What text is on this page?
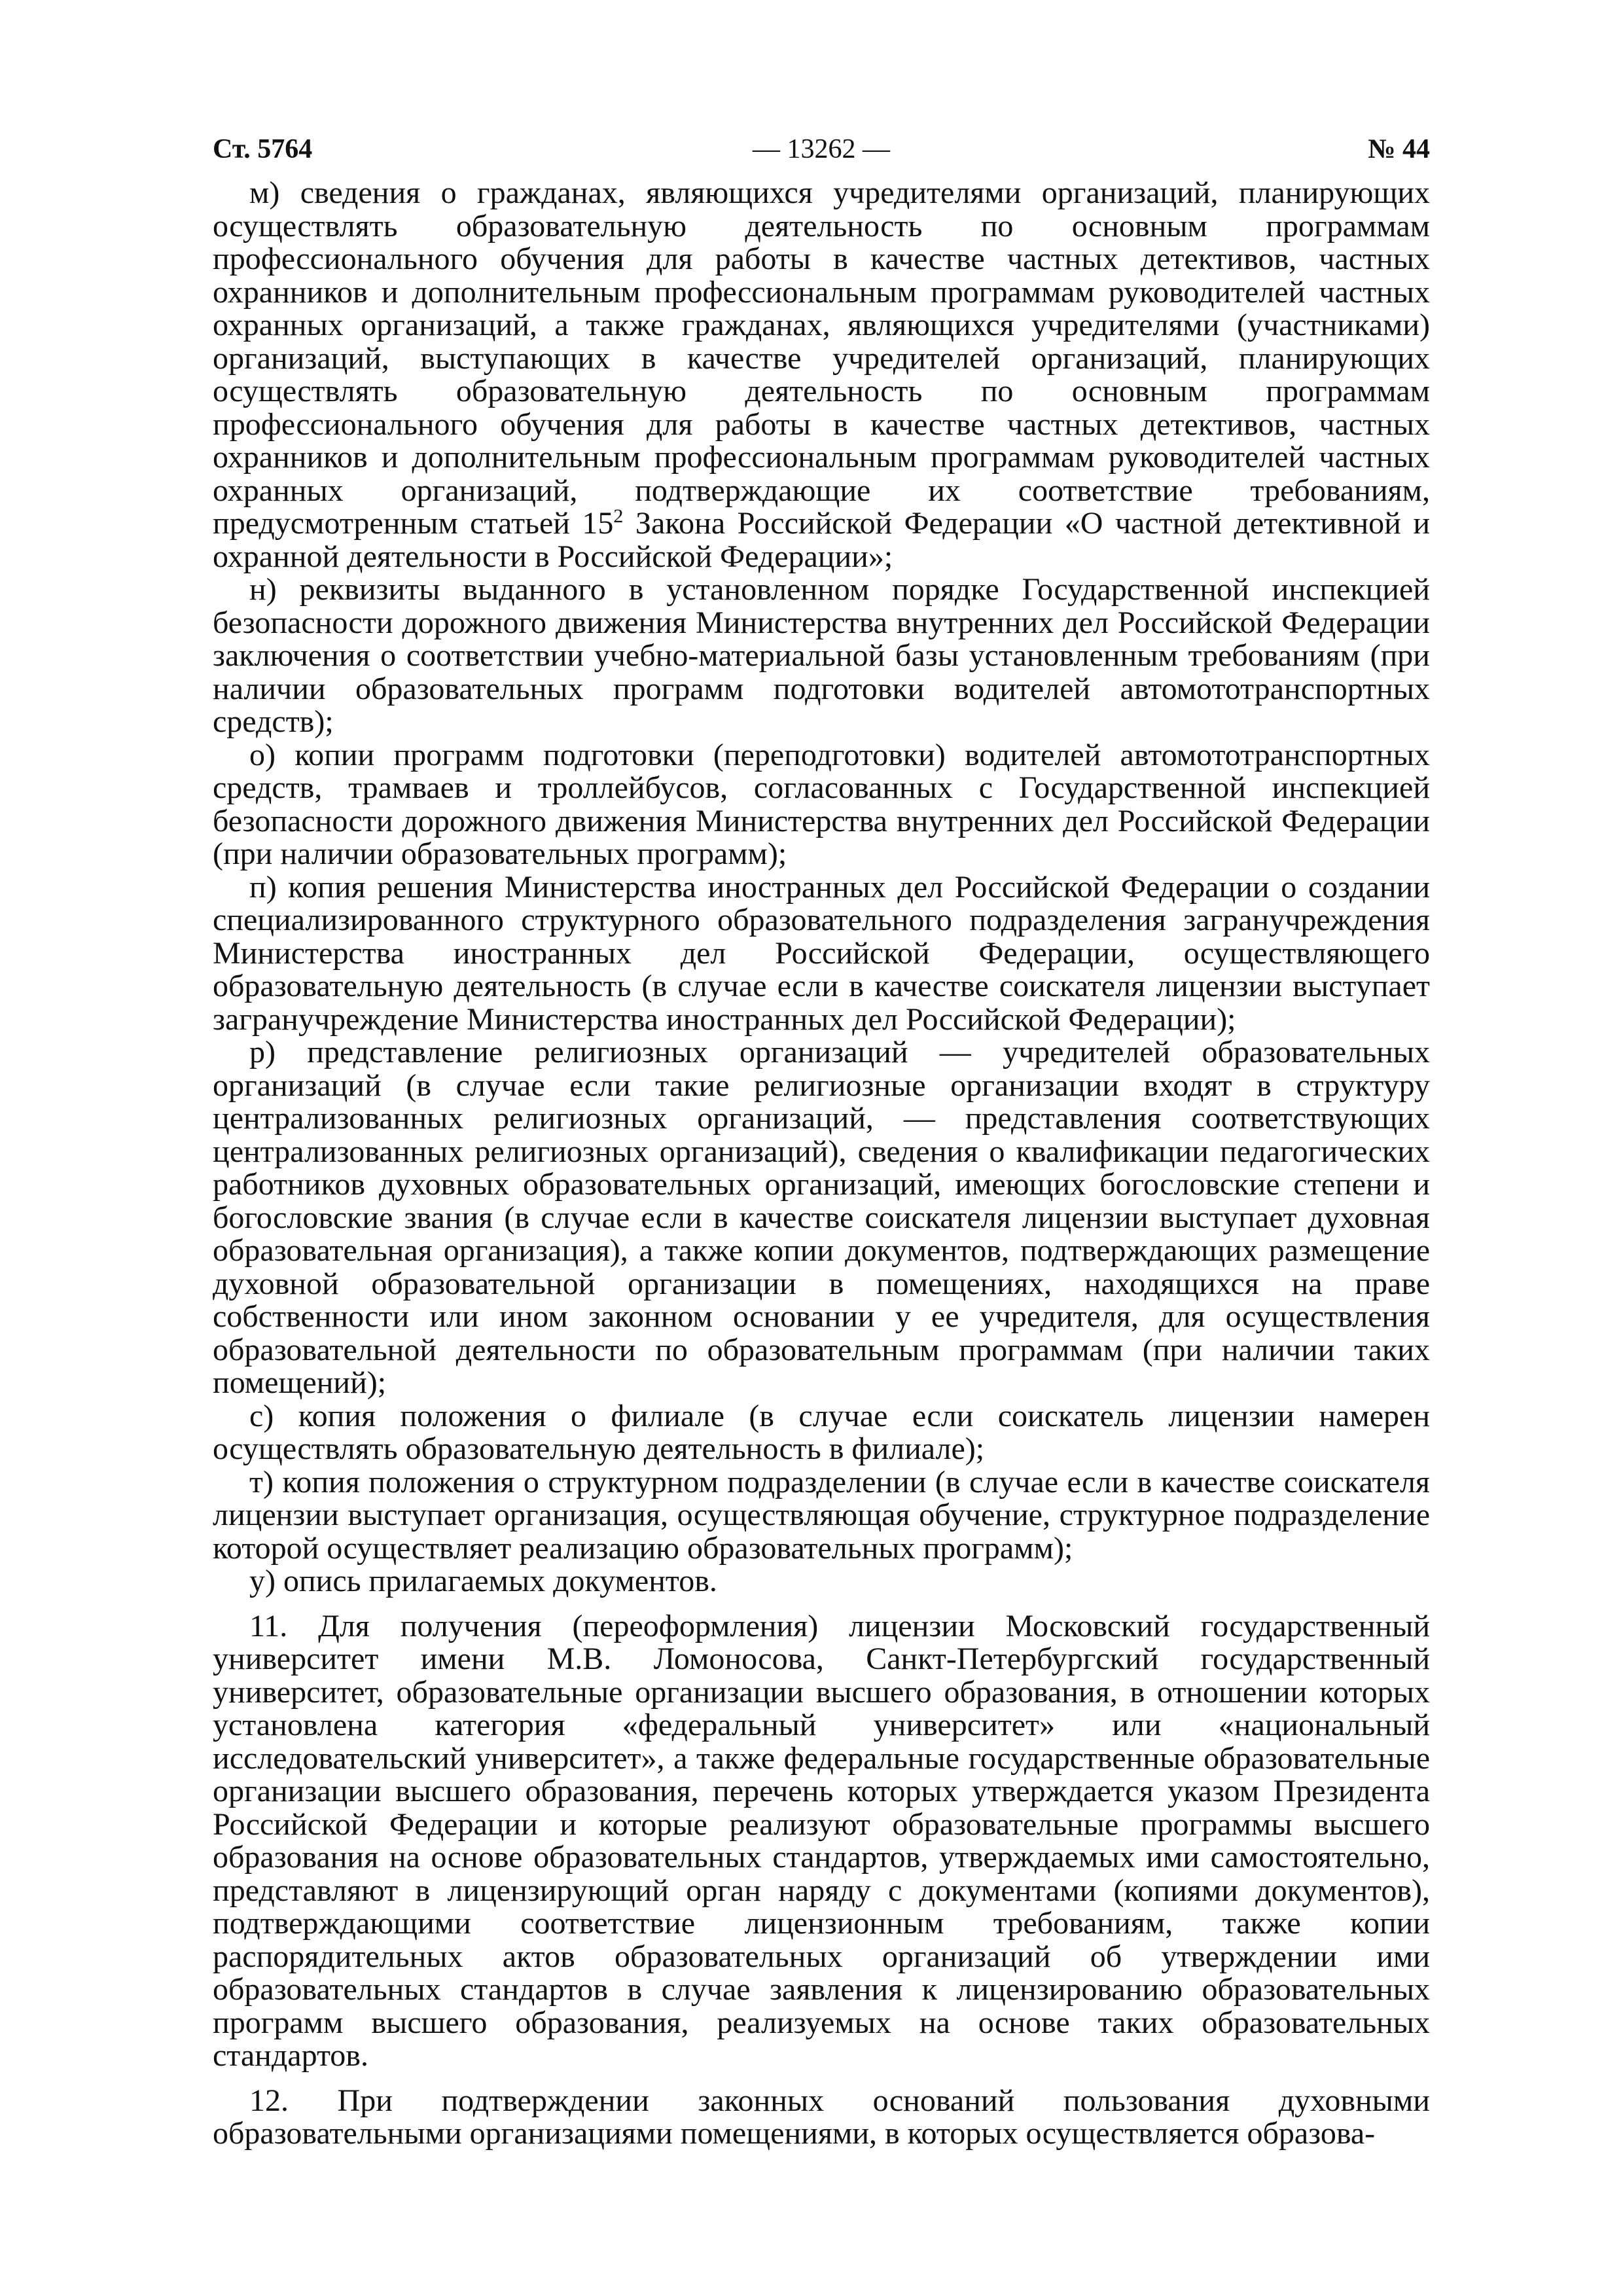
Ст. 5764	— 13262 —	№ 44

м) сведения о гражданах, являющихся учредителями организаций, планирующих осуществлять образовательную деятельность по основным программам профессионального обучения для работы в качестве частных детективов, частных охранников и дополнительным профессиональным программам руководителей частных охранных организаций, а также гражданах, являющихся учредителями (участниками) организаций, выступающих в качестве учредителей организаций, планирующих осуществлять образовательную деятельность по основным программам профессионального обучения для работы в качестве частных детективов, частных охранников и дополнительным профессиональным программам руководителей частных охранных организаций, подтверждающие их соответствие требованиям, предусмотренным статьей $15^2$ Закона Российской Федерации «О частной детективной и охранной деятельности в Российской Федерации»;

н) реквизиты выданного в установленном порядке Государственной инспекцией безопасности дорожного движения Министерства внутренних дел Российской Федерации заключения о соответствии учебно-материальной базы установленным требованиям (при наличии образовательных программ подготовки водителей автомототранспортных средств);

о) копии программ подготовки (переподготовки) водителей автомототранспортных средств, трамваев и троллейбусов, согласованных с Государственной инспекцией безопасности дорожного движения Министерства внутренних дел Российской Федерации (при наличии образовательных программ);

п) копия решения Министерства иностранных дел Российской Федерации о создании специализированного структурного образовательного подразделения загранучреждения Министерства иностранных дел Российской Федерации, осуществляющего образовательную деятельность (в случае если в качестве соискателя лицензии выступает загранучреждение Министерства иностранных дел Российской Федерации);

р) представление религиозных организаций — учредителей образовательных организаций (в случае если такие религиозные организации входят в структуру централизованных религиозных организаций, — представления соответствующих централизованных религиозных организаций), сведения о квалификации педагогических работников духовных образовательных организаций, имеющих богословские степени и богословские звания (в случае если в качестве соискателя лицензии выступает духовная образовательная организация), а также копии документов, подтверждающих размещение духовной образовательной организации в помещениях, находящихся на праве собственности или ином законном основании у ее учредителя, для осуществления образовательной деятельности по образовательным программам (при наличии таких помещений);

с) копия положения о филиале (в случае если соискатель лицензии намерен осуществлять образовательную деятельность в филиале);

т) копия положения о структурном подразделении (в случае если в качестве соискателя лицензии выступает организация, осуществляющая обучение, структурное подразделение которой осуществляет реализацию образовательных программ);

у) опись прилагаемых документов.

11. Для получения (переоформления) лицензии Московский государственный университет имени М.В. Ломоносова, Санкт-Петербургский государственный университет, образовательные организации высшего образования, в отношении которых установлена категория «федеральный университет» или «национальный исследовательский университет», а также федеральные государственные образовательные организации высшего образования, перечень которых утверждается указом Президента Российской Федерации и которые реализуют образовательные программы высшего образования на основе образовательных стандартов, утверждаемых ими самостоятельно, представляют в лицензирующий орган наряду с документами (копиями документов), подтверждающими соответствие лицензионным требованиям, также копии распорядительных актов образовательных организаций об утверждении ими образовательных стандартов в случае заявления к лицензированию образовательных программ высшего образования, реализуемых на основе таких образовательных стандартов.

12. При подтверждении законных оснований пользования духовными образовательными организациями помещениями, в которых осуществляется образова-
